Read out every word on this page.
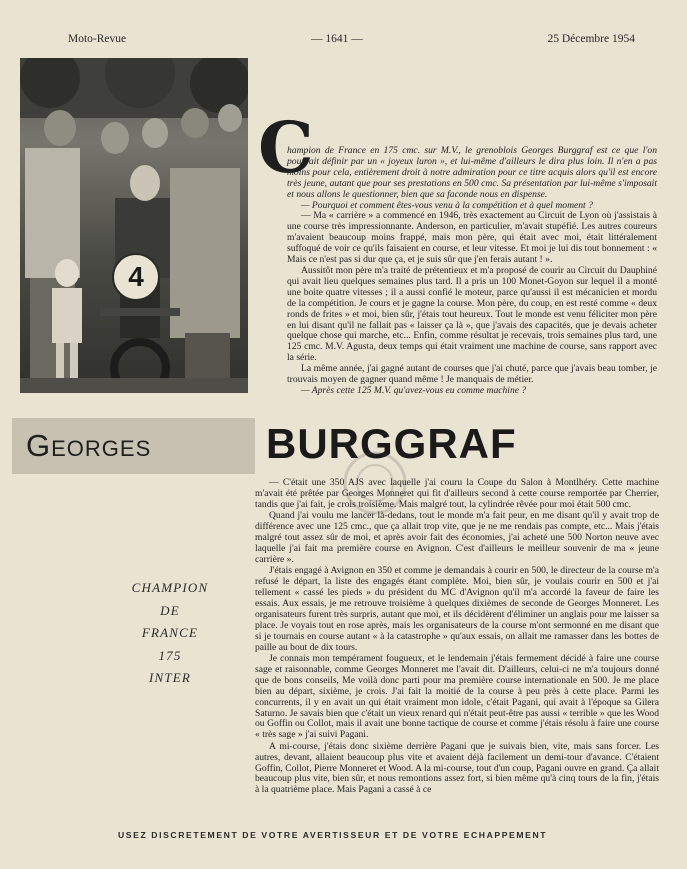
Moto-Revue	— 1641 —	25 Décembre 1954
4
C

hampion de France en 175 cmc. sur M.V., le grenoblois Georges Burggraf est ce que l'on pourrait définir par un « joyeux luron », et lui-même d'ailleurs le dira plus loin. Il n'en a pas moins pour cela, entièrement droit à notre admiration pour ce titre acquis alors qu'il est encore très jeune, autant que pour ses prestations en 500 cmc. Sa présentation par lui-même s'imposait et nous allons le questionner, bien que sa faconde nous en dispense.

— Pourquoi et comment êtes-vous venu à la compétition et à quel moment ?

— Ma « carrière » a commencé en 1946, très exactement au Circuit de Lyon où j'assistais à une course très impressionnante. Anderson, en particulier, m'avait stupéfié. Les autres coureurs m'avaient beaucoup moins frappé, mais mon père, qui était avec moi, était littéralement suffoqué de voir ce qu'ils faisaient en course, et leur vitesse. Et moi je lui dis tout bonnement : « Mais ce n'est pas si dur que ça, et je suis sûr que j'en ferais autant ! ».

Aussitôt mon père m'a traité de prétentieux et m'a proposé de courir au Circuit du Dauphiné qui avait lieu quelques semaines plus tard. Il a pris un 100 Monet-Goyon sur lequel il a monté une boite quatre vitesses ; il a aussi confié le moteur, parce qu'aussi il est mécanicien et mordu de la compétition. Je cours et je gagne la course. Mon père, du coup, en est resté comme « deux ronds de frites » et moi, bien sûr, j'étais tout heureux. Tout le monde est venu féliciter mon père en lui disant qu'il ne fallait pas « laisser ça là », que j'avais des capacités, que je devais acheter quelque chose qui marche, etc... Enfin, comme résultat je recevais, trois semaines plus tard, une 125 cmc. M.V. Agusta, deux temps qui était vraiment une machine de course, sans rapport avec la série.

La même année, j'ai gagné autant de courses que j'ai chuté, parce que j'avais beau tomber, je trouvais moyen de gagner quand même ! Je manquais de métier.

— Après cette 125 M.V. qu'avez-vous eu comme machine ?

Georges	BURGGRAF
CHAMPION
DE
FRANCE
175
INTER

— C'était une 350 AJS avec laquelle j'ai couru la Coupe du Salon à Montlhéry. Cette machine m'avait été prêtée par Georges Monneret qui fit d'ailleurs second à cette course remportée par Cherrier, tandis que j'ai fait, je crois troisième. Mais malgré tout, la cylindrée rêvée pour moi était 500 cmc.

Quand j'ai voulu me lancer là-dedans, tout le monde m'a fait peur, en me disant qu'il y avait trop de différence avec une 125 cmc., que ça allait trop vite, que je ne me rendais pas compte, etc... Mais j'étais malgré tout assez sûr de moi, et après avoir fait des économies, j'ai acheté une 500 Norton neuve avec laquelle j'ai fait ma première course en Avignon. C'est d'ailleurs le meilleur souvenir de ma « jeune carrière ».

J'étais engagé à Avignon en 350 et comme je demandais à courir en 500, le directeur de la course m'a refusé le départ, la liste des engagés étant complète. Moi, bien sûr, je voulais courir en 500 et j'ai tellement « cassé les pieds » du président du MC d'Avignon qu'il m'a accordé la faveur de faire les essais. Aux essais, je me retrouve troisième à quelques dixièmes de seconde de Georges Monneret. Les organisateurs furent très surpris, autant que moi, et ils décidèrent d'éliminer un anglais pour me laisser sa place. Je voyais tout en rose après, mais les organisateurs de la course m'ont sermonné en me disant que si je tournais en course autant « à la catastrophe » qu'aux essais, on allait me ramasser dans les bottes de paille au bout de dix tours.

Je connais mon tempérament fougueux, et le lendemain j'étais fermement décidé à faire une course sage et raisonnable, comme Georges Monneret me l'avait dit. D'ailleurs, celui-ci ne m'a toujours donné que de bons conseils, Me voilà donc parti pour ma première course internationale en 500. Je me place bien au départ, sixième, je crois. J'ai fait la moitié de la course à peu près à cette place. Parmi les concurrents, il y en avait un qui était vraiment mon idole, c'était Pagani, qui avait à l'époque sa Gilera Saturno. Je savais bien que c'était un vieux renard qui n'était peut-être pas aussi « terrible » que les Wood ou Goffin ou Collot, mais il avait une bonne tactique de course et comme j'étais résolu à faire une course « très sage » j'ai suivi Pagani.

A mi-course, j'étais donc sixième derrière Pagani que je suivais bien, vite, mais sans forcer. Les autres, devant, allaient beaucoup plus vite et avaient déjà facilement un demi-tour d'avance. C'étaient Goffin, Collot, Pierre Monneret et Wood. A la mi-course, tout d'un coup, Pagani ouvre en grand. Ça allait beaucoup plus vite, bien sûr, et nous remontions assez fort, si bien même qu'à cinq tours de la fin, j'étais à la quatrième place. Mais Pagani a cassé à ce

USEZ DISCRETEMENT DE VOTRE AVERTISSEUR ET DE VOTRE ECHAPPEMENT
